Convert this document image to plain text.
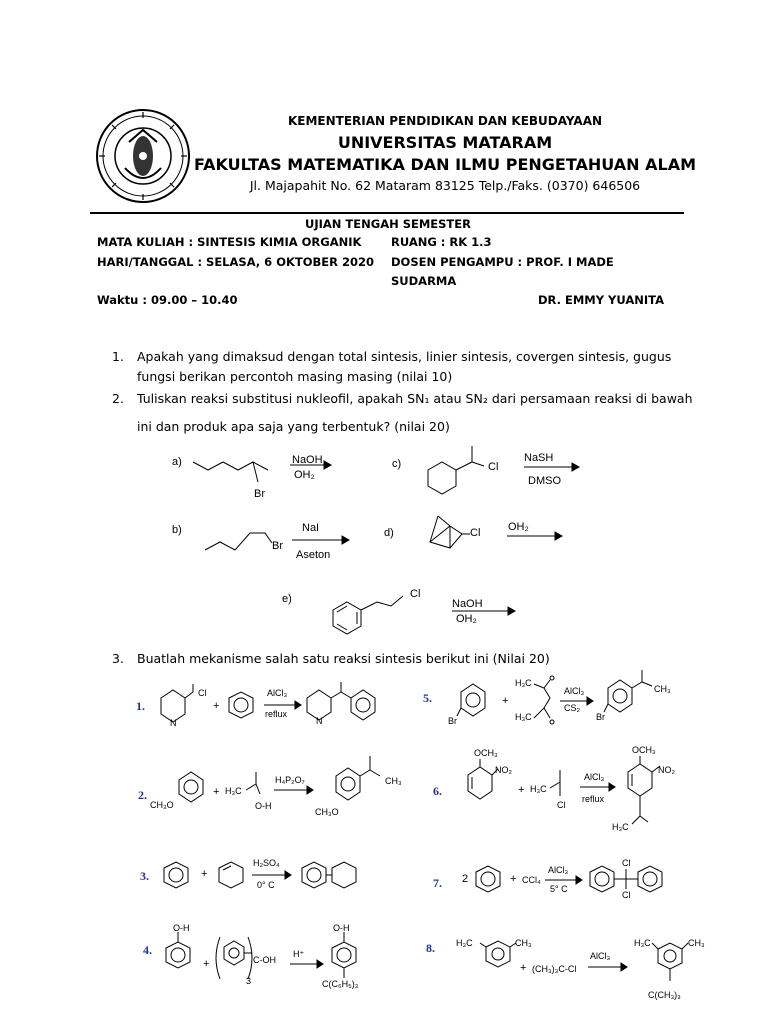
KEMENTERIAN PENDIDIKAN DAN KEBUDAYAAN
UNIVERSITAS MATARAM
FAKULTAS MATEMATIKA DAN ILMU PENGETAHUAN ALAM
Jl. Majapahit No. 62 Mataram 83125 Telp./Faks. (0370) 646506
UJIAN TENGAH SEMESTER
MATA KULIAH : SINTESIS KIMIA ORGANIK	RUANG : RK 1.3
HARI/TANGGAL : SELASA, 6 OKTOBER 2020 DOSEN PENGAMPU : PROF. I MADE
SUDARMA
Waktu : 09.00 – 10.40	DR. EMMY YUANITA
1. Apakah yang dimaksud dengan total sintesis, linier sintesis, covergen sintesis, gugus
fungsi berikan percontoh masing masing (nilai 10)
2. Tuliskan reaksi substitusi nukleofil, apakah SN₁ atau SN₂ dari persamaan reaksi di bawah
ini dan produk apa saja yang terbentuk? (nilai 20)
a)
Br
NaOH
OH₂
c)	Cl
NaSH
DMSO
b)
Br
NaI
Aseton
d)	Cl	OH₂
e)	Cl
NaOH
OH₂
3. Buatlah mekanisme salah satu reaksi sintesis berikut ini (Nilai 20)
1.
Cl
N
+
AlCl₃
reflux
N
5.
Br
+
H₃C
H₃C
AlCl₃
CS₂
CH₃
Br
2.
CH₃O
+ H₃C
O-H
H₄P₂O₇	CH₃
CH₃O
6.
OCH₃
NO₂
+ H₃C
Cl
AlCl₃
reflux
OCH₃
NO₂
H₃C
3.	+
H₂SO₄
0° C	7. 2	+ CCl₄
AlCl₃
5° C
Cl
Cl
4.
O-H
+	C-OH
3
H⁺
O-H
C(C₆H₅)₃
8. H₃C	CH₃
+ (CH₃)₃C-Cl
AlCl₃
H₃C	CH₃
C(CH₃)₃
